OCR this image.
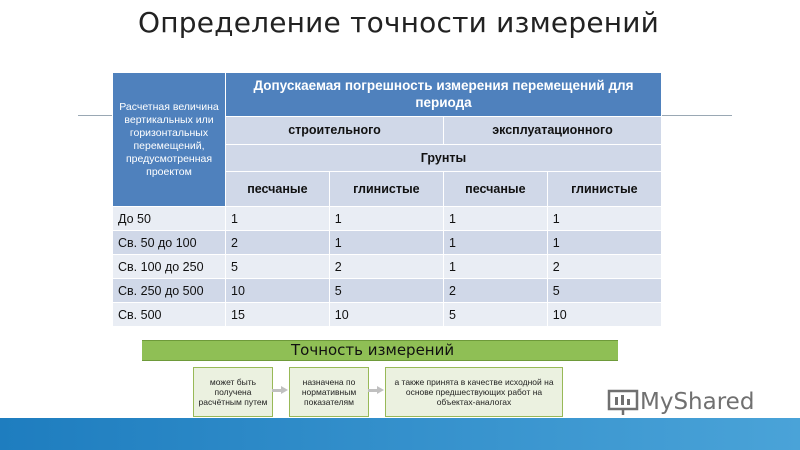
Определение точности измерений
Расчетная величина вертикальных или горизонтальных перемещений, предусмотренная проектом	Допускаемая погрешность измерения перемещений для периода			
	строительного		эксплуатационного	
	Грунты			
	песчаные	глинистые	песчаные	глинистые
До 50	1	1	1	1
Св. 50 до 100	2	1	1	1
Св. 100 до 250	5	2	1	2
Св. 250 до 500	10	5	2	5
Св. 500	15	10	5	10
Точность измерений
может быть получена расчётным путем
назначена по нормативным показателям
а также принята в качестве исходной на основе предшествующих работ на объектах-аналогах	MyShared
